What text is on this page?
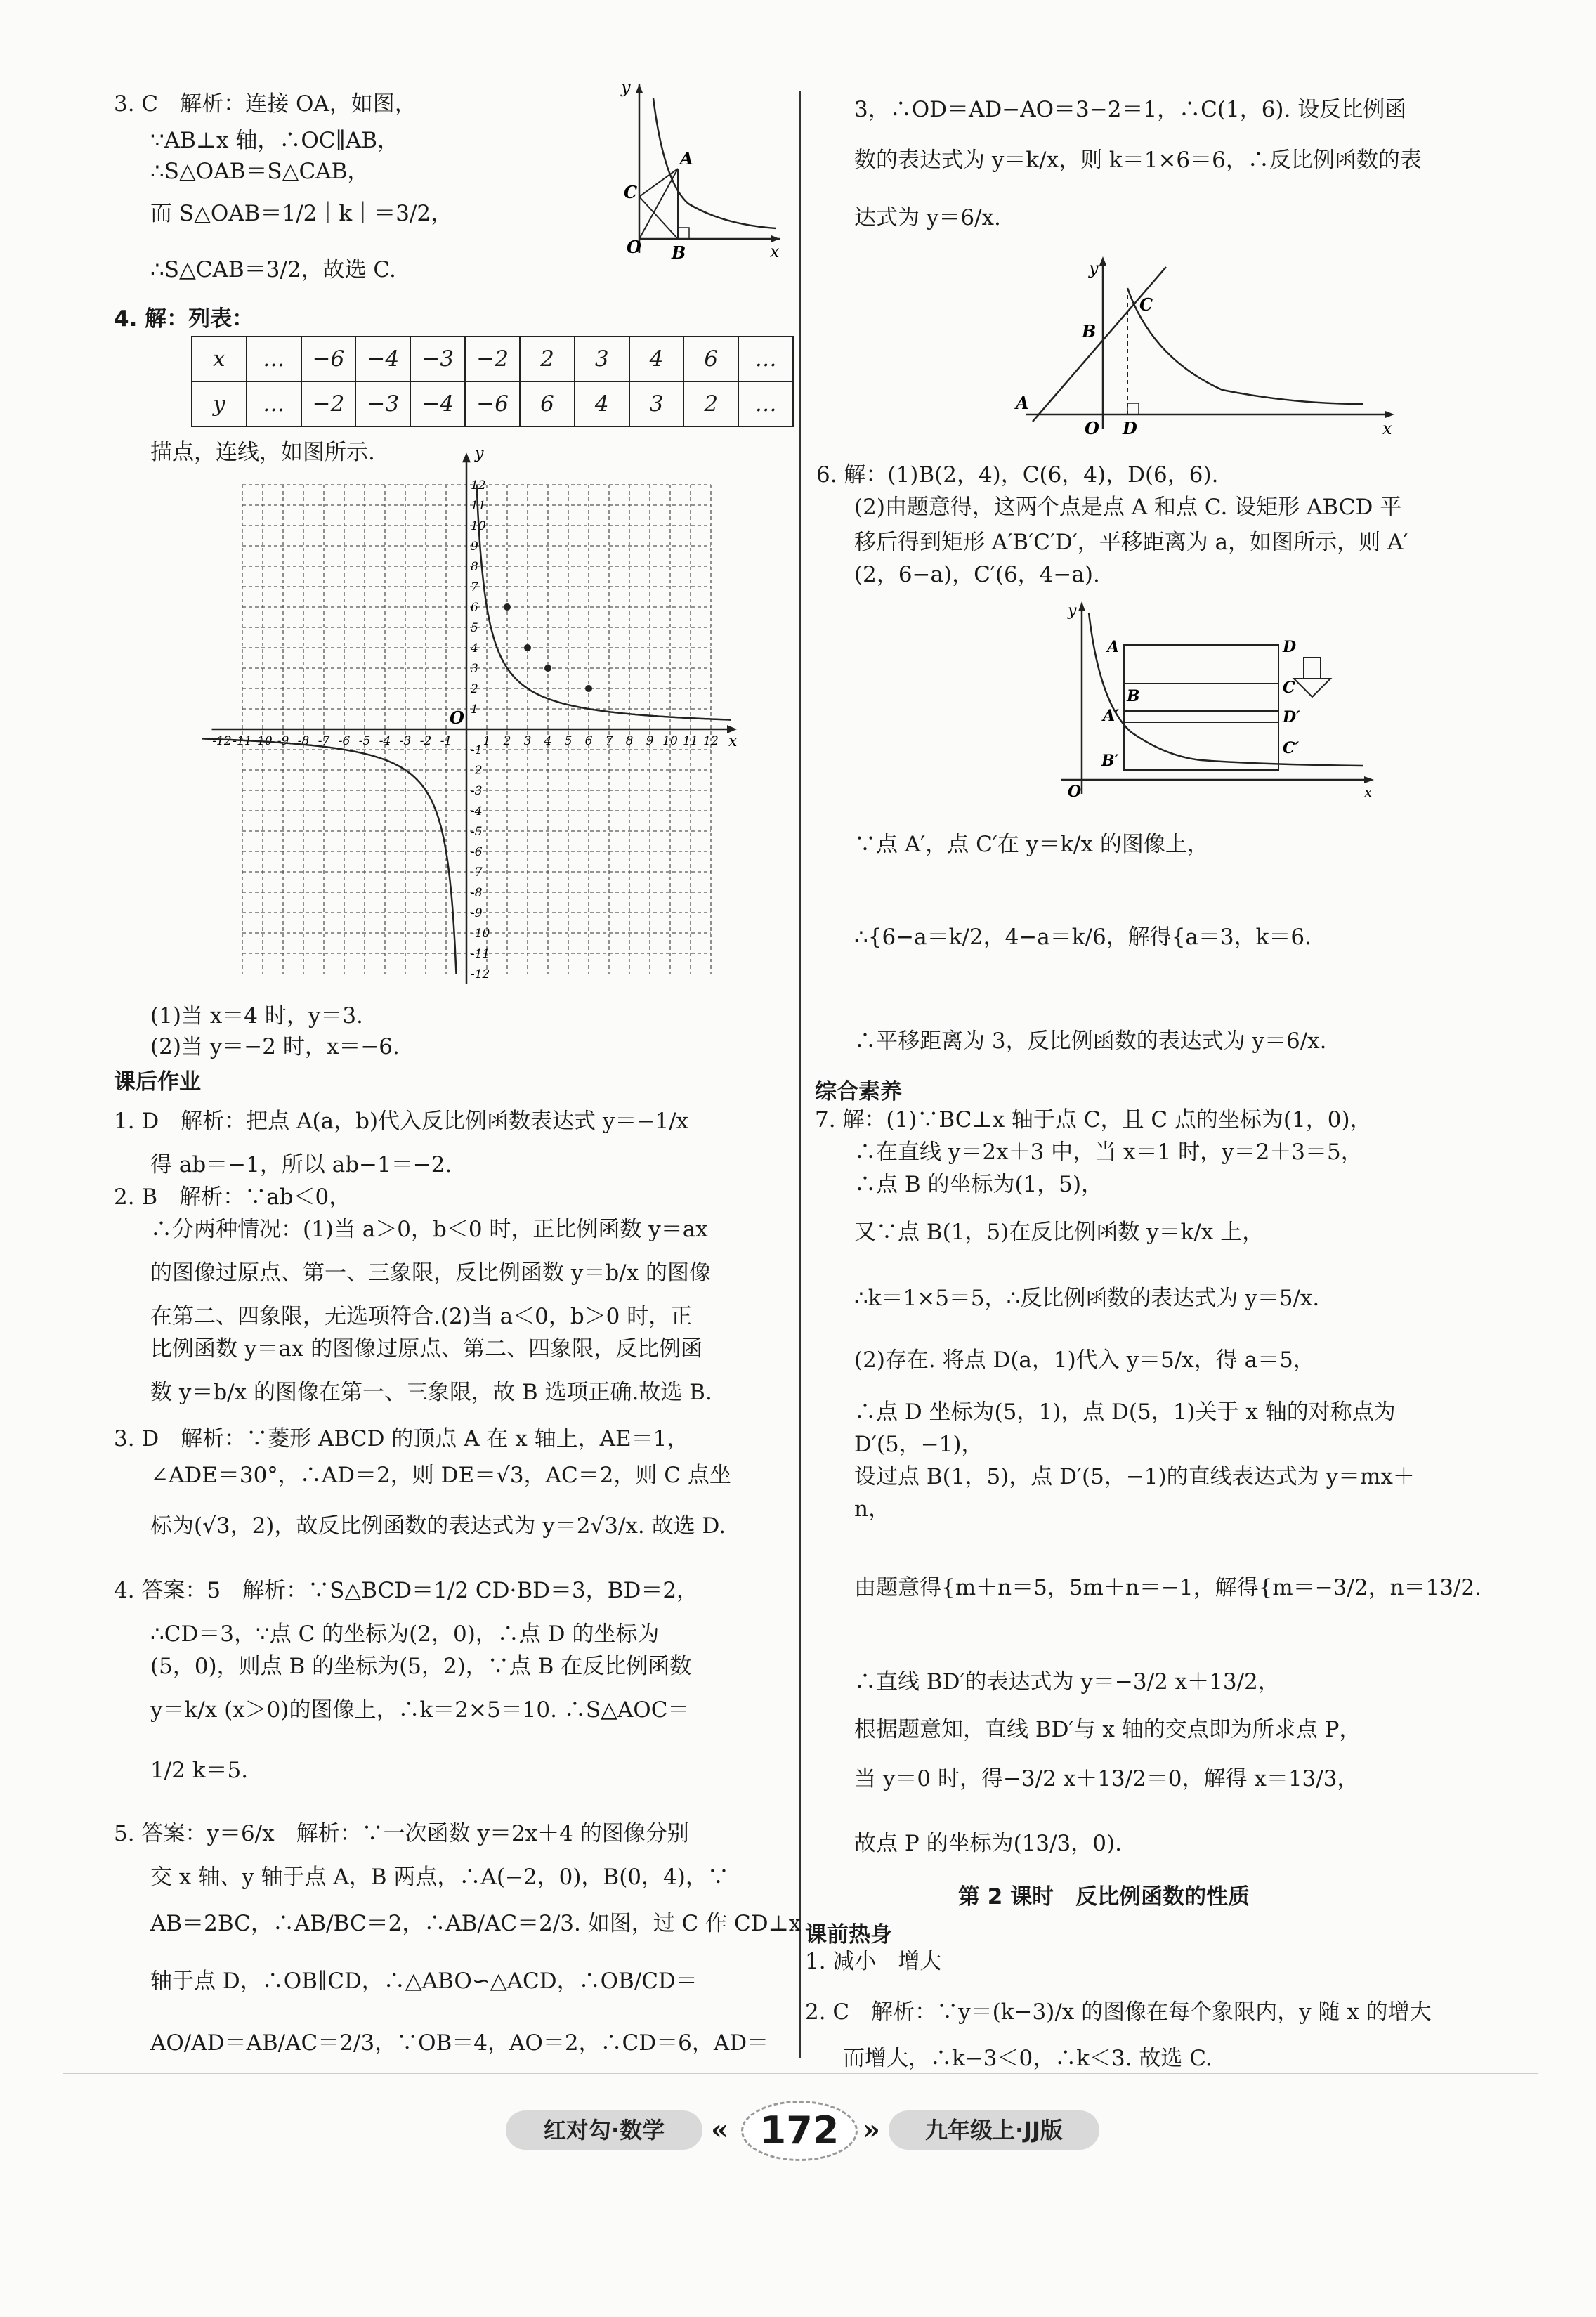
3. C　解析：连接 OA，如图，
∵AB⊥x 轴，∴OC∥AB，
∴S△OAB＝S△CAB，
而 S△OAB＝1/2｜k｜＝3/2，
∴S△CAB＝3/2，故选 C.
O
C
A
B	x
y
4. 解：列表：
x	…	−6	−4	−3	−2	2	3	4	6	…
y	…	−2	−3	−4	−6	6	4	3	2	…
描点，连线，如图所示.
-12
-12
-11
-11
-10
-10
-9
-9
-8
-8
-7
-7
-6
-6
-5
-5
-4
-4
-3
-3
-2
-2
-1
-1
1
1
2
2
3
3
4
4
5
5
6
6
7
7
8
8
9
9
10
10
11
11
12
12
O
x
y
(1)当 x＝4 时，y＝3.
(2)当 y＝−2 时，x＝−6.
课后作业
1. D　解析：把点 A(a，b)代入反比例函数表达式 y＝−1/x
得 ab＝−1，所以 ab−1＝−2.
2. B　解析：∵ab＜0，
∴分两种情况：(1)当 a＞0，b＜0 时，正比例函数 y＝ax
的图像过原点、第一、三象限，反比例函数 y＝b/x 的图像
在第二、四象限，无选项符合.(2)当 a＜0，b＞0 时，正
比例函数 y＝ax 的图像过原点、第二、四象限，反比例函
数 y＝b/x 的图像在第一、三象限，故 B 选项正确.故选 B.
3. D　解析：∵菱形 ABCD 的顶点 A 在 x 轴上，AE＝1，
∠ADE＝30°，∴AD＝2，则 DE＝√3，AC＝2，则 C 点坐
标为(√3，2)，故反比例函数的表达式为 y＝2√3/x. 故选 D.
4. 答案：5　解析：∵S△BCD＝1/2 CD·BD＝3，BD＝2，
∴CD＝3，∵点 C 的坐标为(2，0)，∴点 D 的坐标为
(5，0)，则点 B 的坐标为(5，2)，∵点 B 在反比例函数
y＝k/x (x＞0)的图像上，∴k＝2×5＝10. ∴S△AOC＝
1/2 k＝5.
5. 答案：y＝6/x　解析：∵一次函数 y＝2x＋4 的图像分别
交 x 轴、y 轴于点 A，B 两点，∴A(−2，0)，B(0，4)，∵
AB＝2BC，∴AB/BC＝2，∴AB/AC＝2/3. 如图，过 C 作 CD⊥x
轴于点 D，∴OB∥CD，∴△ABO∽△ACD，∴OB/CD＝
AO/AD＝AB/AC＝2/3，∵OB＝4，AO＝2，∴CD＝6，AD＝
3，∴OD＝AD−AO＝3−2＝1，∴C(1，6). 设反比例函
数的表达式为 y＝k/x，则 k＝1×6＝6，∴反比例函数的表
达式为 y＝6/x.
A
B
C
O D	x
y
6. 解：(1)B(2，4)，C(6，4)，D(6，6).
(2)由题意得，这两个点是点 A 和点 C. 设矩形 ABCD 平
移后得到矩形 A′B′C′D′，平移距离为 a，如图所示，则 A′
(2，6−a)，C′(6，4−a).
A
B
D
C
A′	D′
C′
B′
O	x
y
∵点 A′，点 C′在 y＝k/x 的图像上，
∴{6−a＝k/2，4−a＝k/6，解得{a＝3，k＝6.
∴平移距离为 3，反比例函数的表达式为 y＝6/x.
综合素养
7. 解：(1)∵BC⊥x 轴于点 C，且 C 点的坐标为(1，0)，
∴在直线 y＝2x＋3 中，当 x＝1 时，y＝2＋3＝5，
∴点 B 的坐标为(1，5)，
又∵点 B(1，5)在反比例函数 y＝k/x 上，
∴k＝1×5＝5，∴反比例函数的表达式为 y＝5/x.
(2)存在. 将点 D(a，1)代入 y＝5/x，得 a＝5，
∴点 D 坐标为(5，1)，点 D(5，1)关于 x 轴的对称点为
D′(5，−1)，
设过点 B(1，5)，点 D′(5，−1)的直线表达式为 y＝mx＋
n，
由题意得{m＋n＝5，5m＋n＝−1，解得{m＝−3/2，n＝13/2.
∴直线 BD′的表达式为 y＝−3/2 x＋13/2，
根据题意知，直线 BD′与 x 轴的交点即为所求点 P，
当 y＝0 时，得−3/2 x＋13/2＝0，解得 x＝13/3，
故点 P 的坐标为(13/3，0).
第 2 课时　反比例函数的性质
课前热身
1. 减小　增大
2. C　解析：∵y＝(k−3)/x 的图像在每个象限内，y 随 x 的增大
而增大，∴k−3＜0，∴k＜3. 故选 C.
红对勾·数学	« 172 »	九年级上·JJ版
